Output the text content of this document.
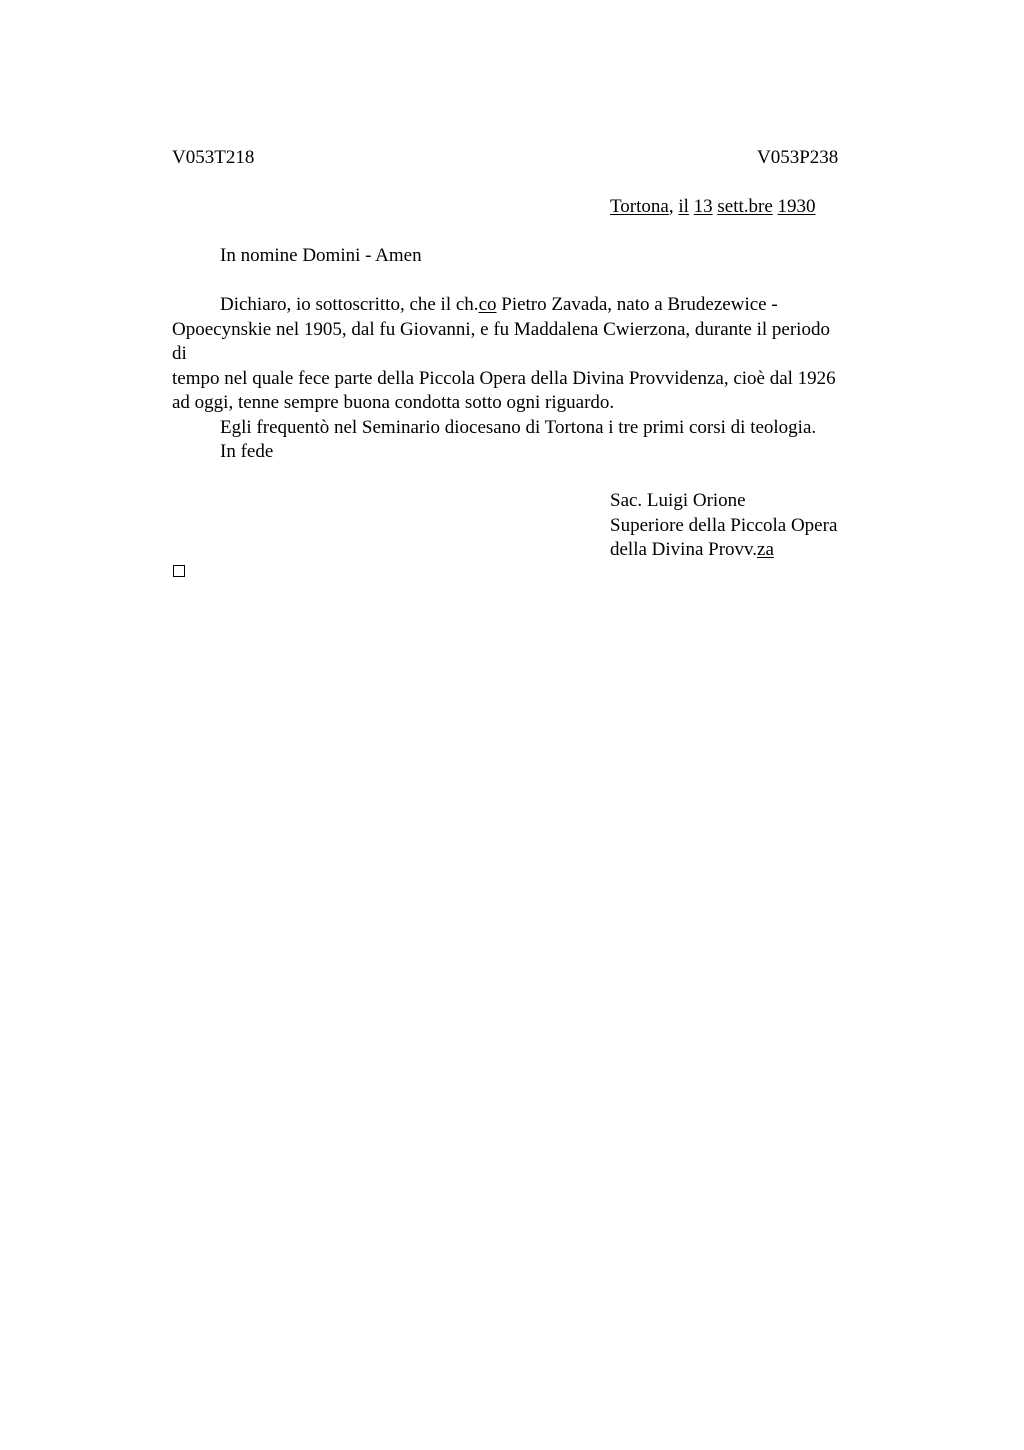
V053T218	V053P238
Tortona, il 13 sett.bre 1930
In nomine Domini - Amen

Dichiaro, io sottoscritto, che il ch.co Pietro Zavada, nato a Brudezewice -

Opoecynskie nel 1905, dal fu Giovanni, e fu Maddalena Cwierzona, durante il periodo

di

tempo nel quale fece parte della Piccola Opera della Divina Provvidenza, cioè dal 1926

ad oggi, tenne sempre buona condotta sotto ogni riguardo.

Egli frequentò nel Seminario diocesano di Tortona i tre primi corsi di teologia.

In fede

Sac. Luigi Orione
Superiore della Piccola Opera
della Divina Provv.za
